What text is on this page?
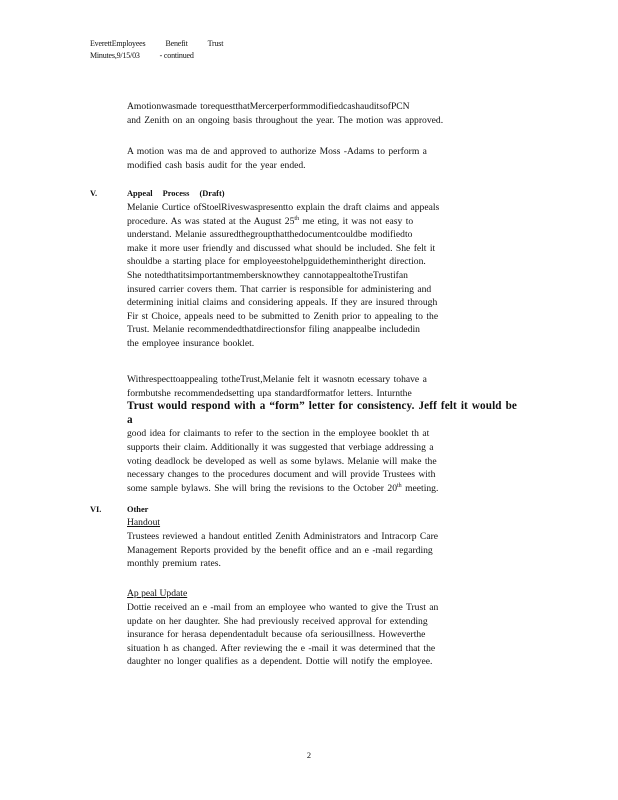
EverettEmployees	Benefit	Trust
Minutes,9/15/03	- continued
Amotionwasmade torequestthatMercerperformmodifiedcashauditsofPCN
and Zenith on an ongoing basis throughout the year. The motion was approved.
A motion was ma de and approved to authorize Moss -Adams to perform a
modified cash basis audit for the year ended.
V.	Appeal Process (Draft)
Melanie Curtice ofStoelRiveswaspresentto explain the draft claims and appeals
procedure. As was stated at the August 25th me eting, it was not easy to
understand. Melanie assuredthegroupthatthedocumentcouldbe modifiedto
make it more user friendly and discussed what should be included. She felt it
shouldbe a starting place for employeestohelpguidethemintheright direction.
She notedthatitsimportantmembersknowthey cannotappealtotheTrustifan
insured carrier covers them. That carrier is responsible for administering and
determining initial claims and considering appeals. If they are insured through
Fir st Choice, appeals need to be submitted to Zenith prior to appealing to the
Trust. Melanie recommendedthatdirectionsfor filing anappealbe includedin
the employee insurance booklet.
Withrespecttoappealing totheTrust,Melanie felt it wasnotn ecessary tohave a
formbutshe recommendedsetting upa standardformatfor letters. Inturnthe
Trust would respond with a “form” letter for consistency. Jeff felt it would be a
good idea for claimants to refer to the section in the employee booklet th at
supports their claim. Additionally it was suggested that verbiage addressing a
voting deadlock be developed as well as some bylaws. Melanie will make the
necessary changes to the procedures document and will provide Trustees with
some sample bylaws. She will bring the revisions to the October 20th meeting.
VI.	Other
Handout
Trustees reviewed a handout entitled Zenith Administrators and Intracorp Care
Management Reports provided by the benefit office and an e -mail regarding
monthly premium rates.
Ap peal Update
Dottie received an e -mail from an employee who wanted to give the Trust an
update on her daughter. She had previously received approval for extending
insurance for herasa dependentadult because ofa seriousillness. Howeverthe
situation h as changed. After reviewing the e -mail it was determined that the
daughter no longer qualifies as a dependent. Dottie will notify the employee.
2
